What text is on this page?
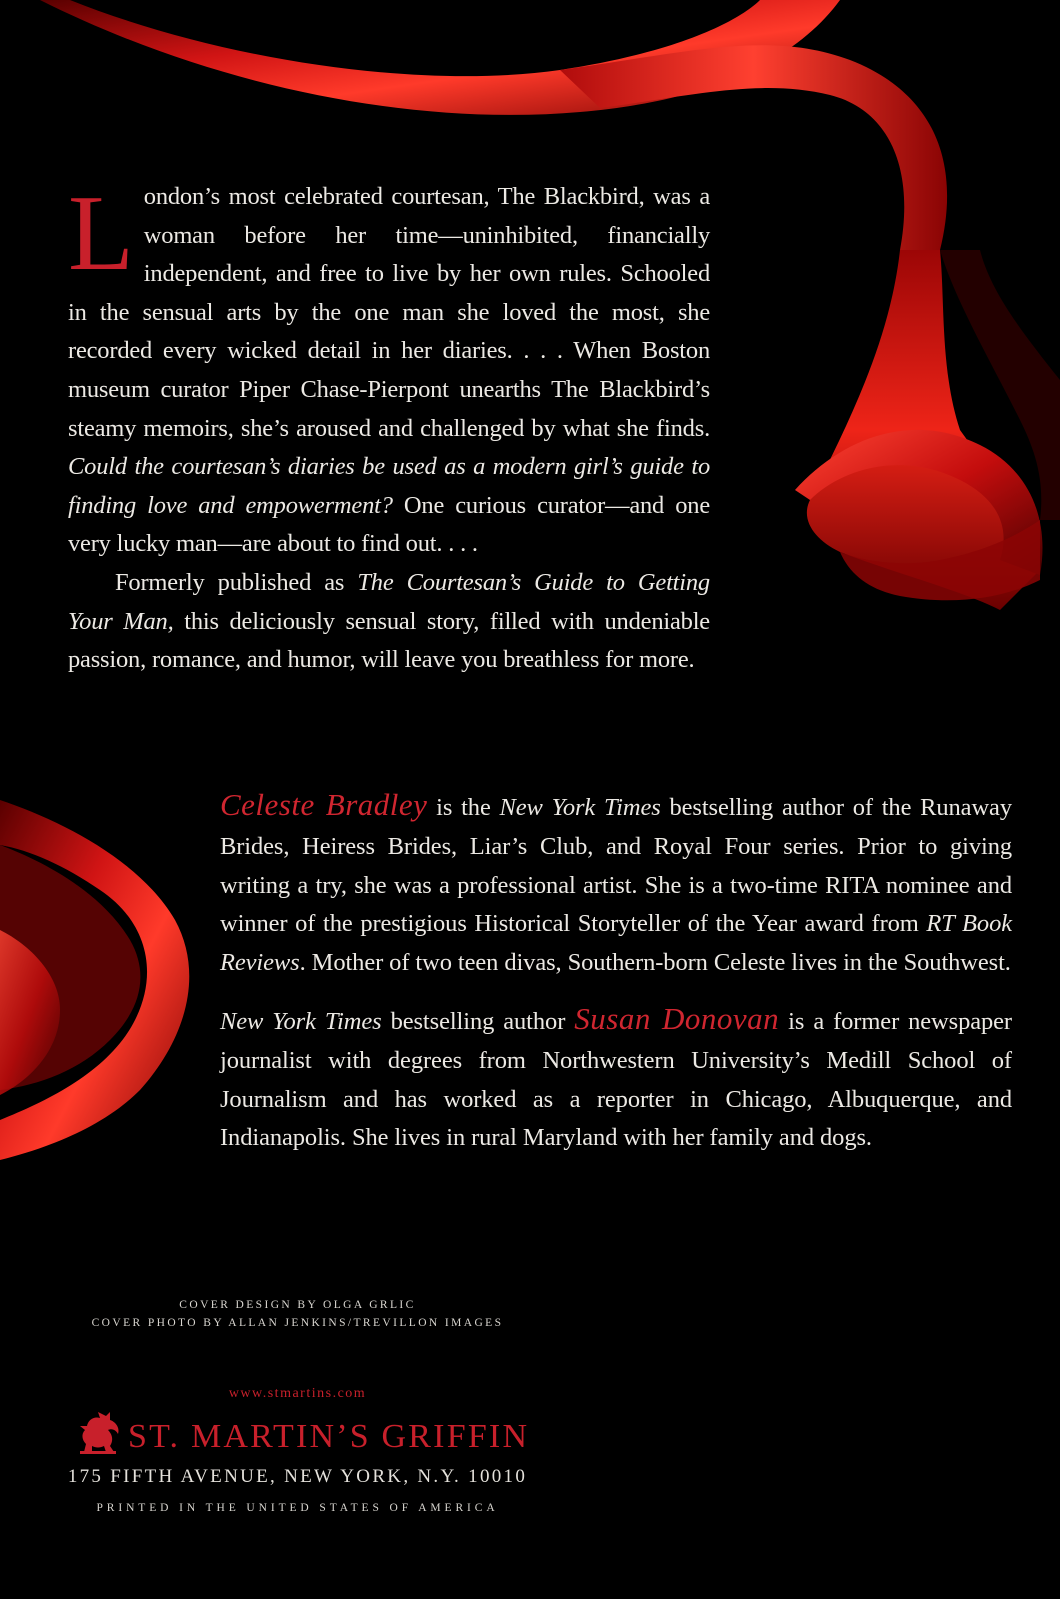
London’s most celebrated courtesan, The Blackbird, was a woman before her time—uninhibited, financially independent, and free to live by her own rules. Schooled in the sensual arts by the one man she loved the most, she recorded every wicked detail in her diaries. . . . When Boston museum curator Piper Chase-Pierpont unearths The Blackbird’s steamy memoirs, she’s aroused and challenged by what she finds. Could the courtesan’s diaries be used as a modern girl’s guide to finding love and empowerment? One curious curator—and one very lucky man—are about to find out. . . .

Formerly published as The Courtesan’s Guide to Getting Your Man, this deliciously sensual story, filled with undeniable passion, romance, and humor, will leave you breathless for more.

Celeste Bradley is the New York Times bestselling author of the Runaway Brides, Heiress Brides, Liar’s Club, and Royal Four series. Prior to giving writing a try, she was a professional artist. She is a two-time RITA nominee and winner of the prestigious Historical Storyteller of the Year award from RT Book Reviews. Mother of two teen divas, Southern-born Celeste lives in the Southwest.

New York Times bestselling author Susan Donovan is a former newspaper journalist with degrees from Northwestern University’s Medill School of Journalism and has worked as a reporter in Chicago, Albuquerque, and Indianapolis. She lives in rural Maryland with her family and dogs.

COVER DESIGN BY OLGA GRLIC
COVER PHOTO BY ALLAN JENKINS/TREVILLON IMAGES
www.stmartins.com
ST. MARTIN’S GRIFFIN
175 FIFTH AVENUE, NEW YORK, N.Y. 10010
PRINTED IN THE UNITED STATES OF AMERICA
